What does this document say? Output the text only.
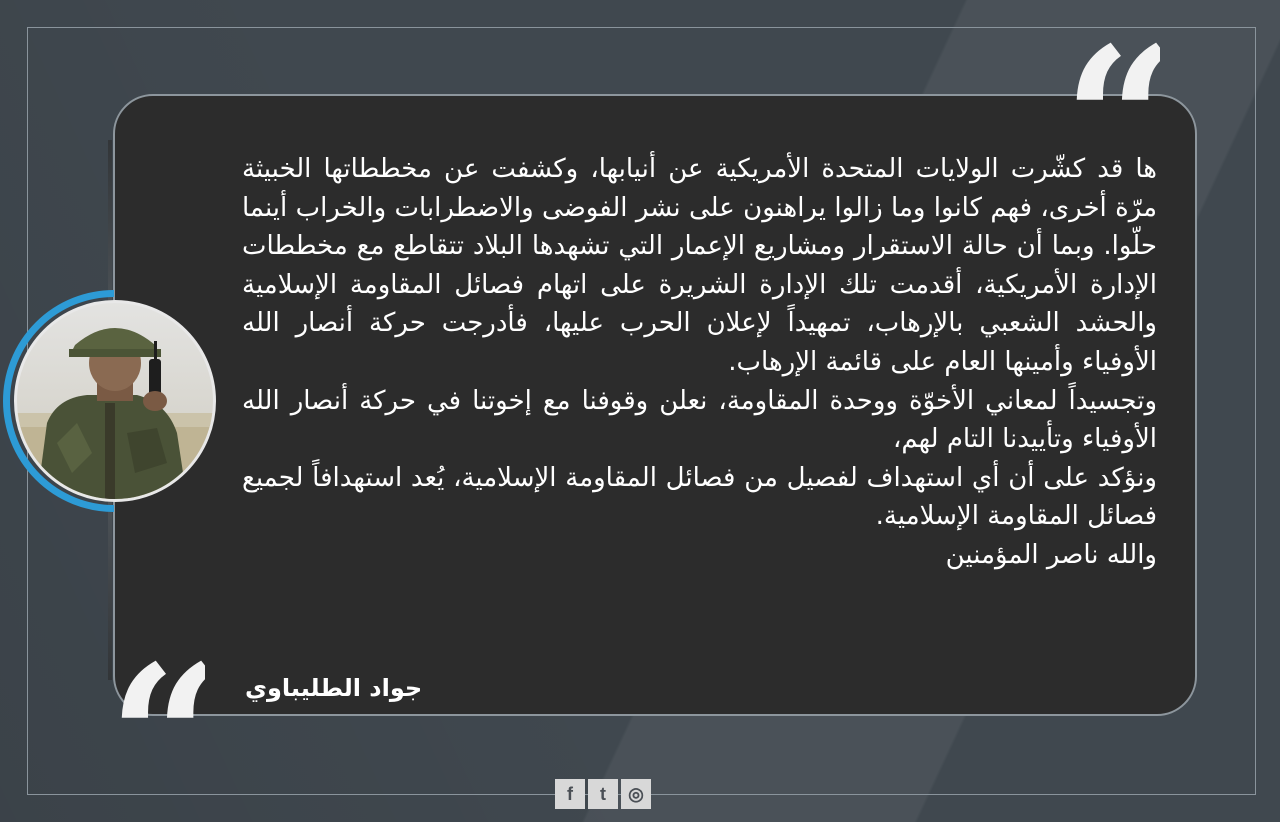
“

ها قد كشّرت الولايات المتحدة الأمريكية عن أنيابها، وكشفت عن مخططاتها الخبيثة مرّة أخرى، فهم كانوا وما زالوا يراهنون على نشر الفوضى والاضطرابات والخراب أينما حلّوا. وبما أن حالة الاستقرار ومشاريع الإعمار التي تشهدها البلاد تتقاطع مع مخططات الإدارة الأمريكية، أقدمت تلك الإدارة الشريرة على اتهام فصائل المقاومة الإسلامية والحشد الشعبي بالإرهاب، تمهيداً لإعلان الحرب عليها، فأدرجت حركة أنصار الله الأوفياء وأمينها العام على قائمة الإرهاب.

وتجسيداً لمعاني الأخوّة ووحدة المقاومة، نعلن وقوفنا مع إخوتنا في حركة أنصار الله الأوفياء وتأييدنا التام لهم،

ونؤكد على أن أي استهداف لفصيل من فصائل المقاومة الإسلامية، يُعد استهدافاً لجميع فصائل المقاومة الإسلامية.

والله ناصر المؤمنين

“ جواد الطليباوي
f	t	◎
